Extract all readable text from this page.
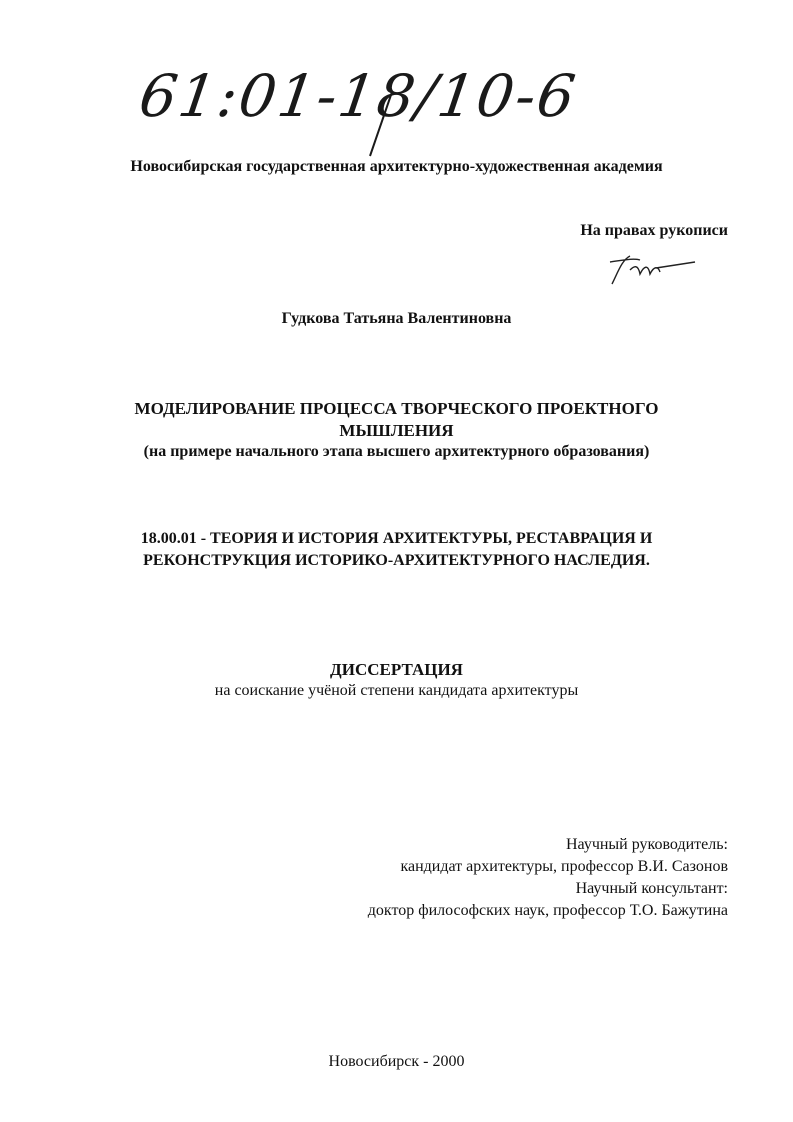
61:01-18/10-6
Новосибирская государственная архитектурно-художественная академия
На правах рукописи
Гудкова Татьяна Валентиновна
МОДЕЛИРОВАНИЕ ПРОЦЕССА ТВОРЧЕСКОГО ПРОЕКТНОГО
МЫШЛЕНИЯ
(на примере начального этапа высшего архитектурного образования)
18.00.01 - ТЕОРИЯ И ИСТОРИЯ АРХИТЕКТУРЫ, РЕСТАВРАЦИЯ И
РЕКОНСТРУКЦИЯ ИСТОРИКО-АРХИТЕКТУРНОГО НАСЛЕДИЯ.
ДИССЕРТАЦИЯ
на соискание учёной степени кандидата архитектуры
Научный руководитель:
кандидат архитектуры, профессор В.И. Сазонов
Научный консультант:
доктор философских наук, профессор Т.О. Бажутина
Новосибирск - 2000
